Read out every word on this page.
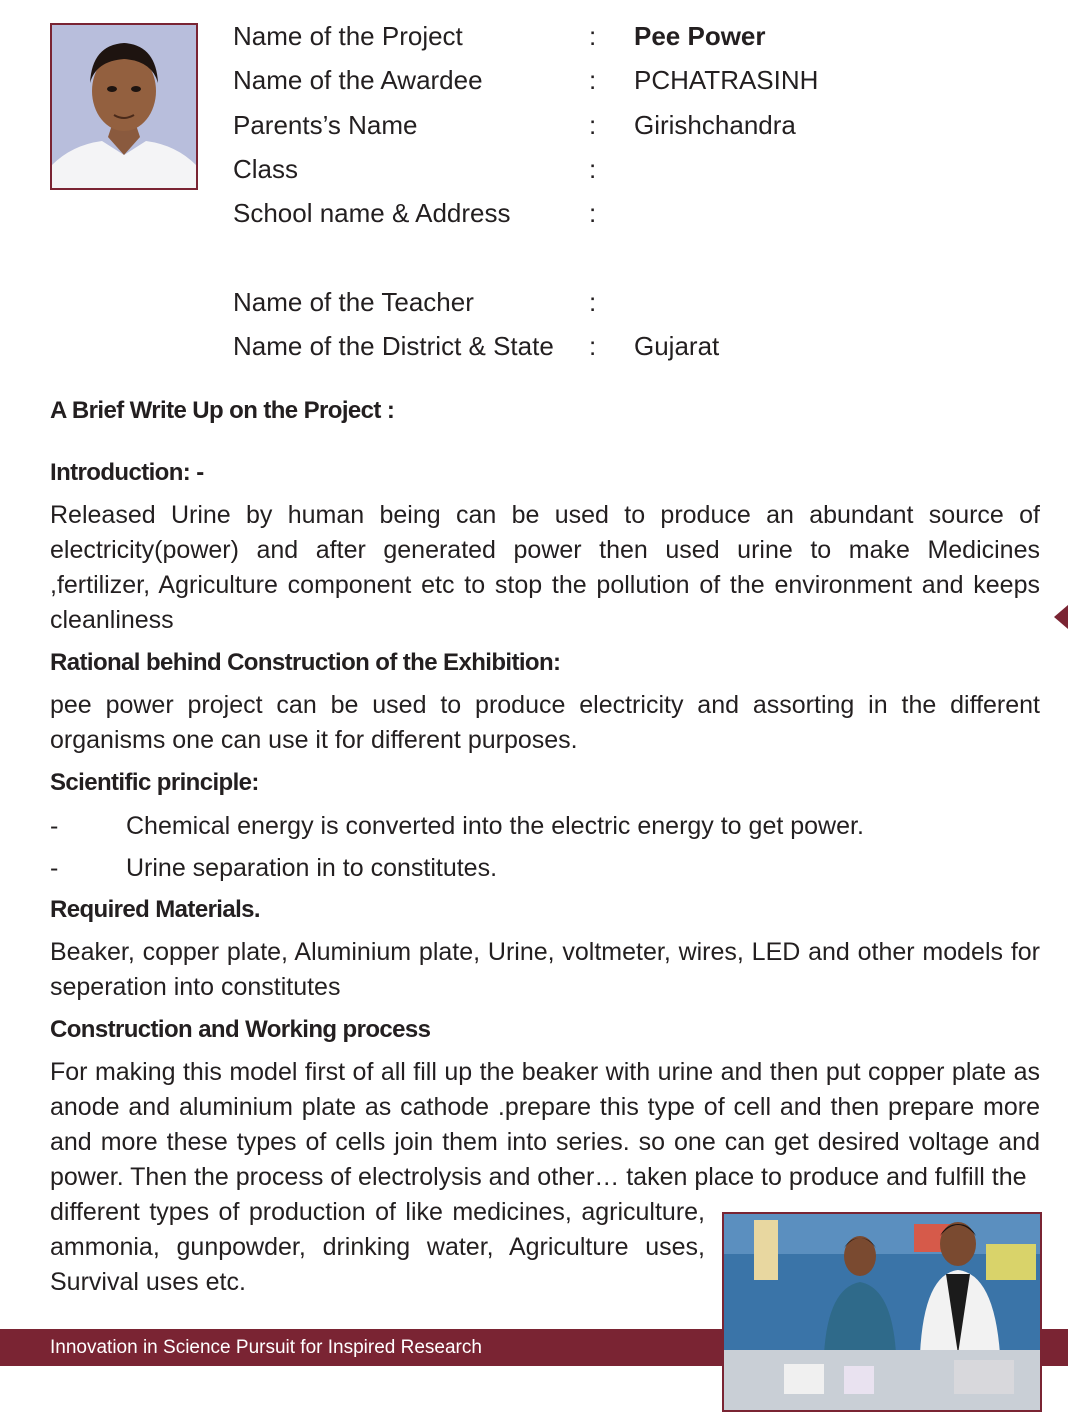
Name of the Project	: Pee Power
Name of the Awardee	: PCHATRASINH
Parents’s Name	: Girishchandra
Class	:
School name & Address	:
Name of the Teacher	:
Name of the District & State : Gujarat
A Brief Write Up on the Project :
Introduction: -
Released Urine by human being can be used to produce an abundant source of electricity(power) and after generated power then used urine to make Medicines ,fertilizer, Agriculture component etc to stop the pollution of the environment and keeps cleanliness
Rational behind Construction of the Exhibition:
pee power project can be used to produce electricity and assorting in the different organisms one can use it for different purposes.
Scientific principle:
-	Chemical energy is converted into the electric energy to get power.
-	Urine separation in to constitutes.
Required Materials.
Beaker, copper plate, Aluminium plate, Urine, voltmeter, wires, LED and other models for seperation into constitutes
Construction and Working process
For making this model first of all fill up the beaker with urine and then put copper plate as anode and aluminium plate as cathode .prepare this type of cell and then prepare more and more these types of cells join them into series. so one can get desired voltage and power. Then the process of electrolysis and other… taken place to produce and fulfill the
different types of production of like medicines, agriculture, ammonia, gunpowder, drinking water, Agriculture uses, Survival uses etc.
Innovation in Science Pursuit for Inspired Research
